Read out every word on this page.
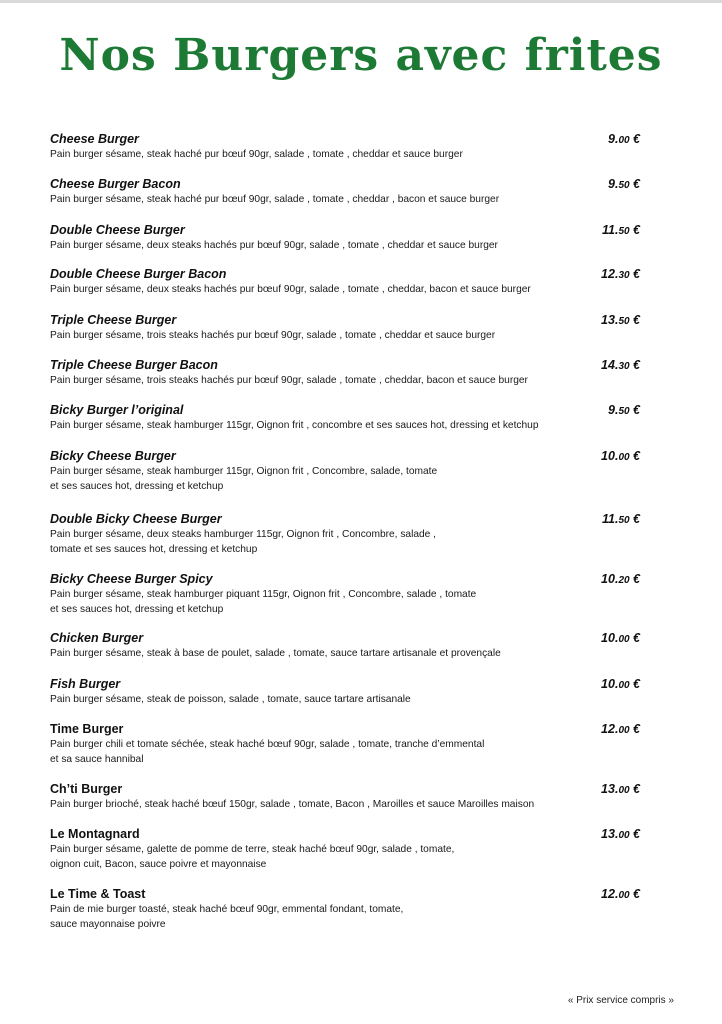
Nos Burgers avec frites
Cheese Burger
Pain burger sésame, steak haché pur bœuf 90gr, salade , tomate , cheddar et sauce burger
9.00 €
Cheese Burger Bacon
Pain burger sésame, steak haché pur bœuf 90gr, salade , tomate , cheddar , bacon et sauce burger
9.50 €
Double Cheese Burger
Pain burger sésame, deux steaks hachés pur bœuf 90gr, salade , tomate , cheddar et sauce burger
11.50 €
Double Cheese Burger Bacon
Pain burger sésame, deux steaks hachés pur bœuf 90gr, salade , tomate , cheddar, bacon et sauce burger
12.30 €
Triple Cheese Burger
Pain burger sésame, trois steaks hachés pur bœuf 90gr, salade , tomate , cheddar et sauce burger
13.50 €
Triple Cheese Burger Bacon
Pain burger sésame, trois steaks hachés pur bœuf 90gr, salade , tomate , cheddar, bacon et sauce burger
14.30 €
Bicky Burger l’original
Pain burger sésame, steak hamburger 115gr, Oignon frit , concombre et ses sauces hot, dressing et ketchup
9.50 €
Bicky Cheese Burger
Pain burger sésame, steak hamburger 115gr, Oignon frit , Concombre, salade, tomate
et ses sauces hot, dressing et ketchup
10.00 €
Double Bicky Cheese Burger
Pain burger sésame, deux steaks hamburger 115gr, Oignon frit , Concombre, salade ,
tomate et ses sauces hot, dressing et ketchup
11.50 €
Bicky Cheese Burger Spicy
Pain burger sésame, steak hamburger piquant 115gr, Oignon frit , Concombre, salade , tomate
et ses sauces hot, dressing et ketchup
10.20 €
Chicken Burger
Pain burger sésame, steak à base de poulet, salade , tomate, sauce tartare artisanale et provençale
10.00 €
Fish Burger
Pain burger sésame, steak de poisson, salade , tomate, sauce tartare artisanale
10.00 €
Time Burger
Pain burger chili et tomate séchée, steak haché bœuf 90gr, salade , tomate, tranche d’emmental
et sa sauce hannibal
12.00 €
Ch’ti Burger
Pain burger brioché, steak haché bœuf 150gr, salade , tomate, Bacon , Maroilles et sauce Maroilles maison
13.00 €
Le Montagnard
Pain burger sésame, galette de pomme de terre, steak haché bœuf 90gr, salade , tomate,
oignon cuit, Bacon, sauce poivre et mayonnaise
13.00 €
Le Time & Toast
Pain de mie burger toasté, steak haché bœuf 90gr, emmental fondant, tomate,
sauce mayonnaise poivre
12.00 €
« Prix service compris »
